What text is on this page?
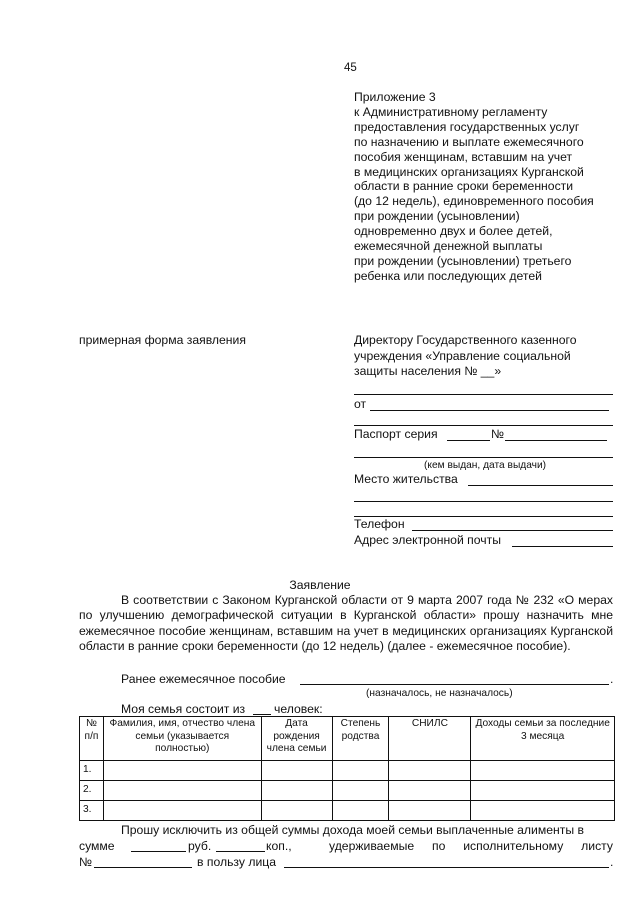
45
Приложение 3
к Административному регламенту
предоставления государственных услуг
по назначению и выплате ежемесячного
пособия женщинам, вставшим на учет
в медицинских организациях Курганской
области в ранние сроки беременности
(до 12 недель), единовременного пособия
при рождении (усыновлении)
одновременно двух и более детей,
ежемесячной денежной выплаты
при рождении (усыновлении) третьего
ребенка или последующих детей
примерная форма заявления	Директору Государственного казенного
учреждения «Управление социальной
защиты населения № __»
от
Паспорт серия	№
(кем выдан, дата выдачи)
Место жительства
Телефон
Адрес электронной почты
Заявление
В соответствии с Законом Курганской области от 9 марта 2007 года № 232 «О мерах по улучшению демографической ситуации в Курганской области» прошу назначить мне ежемесячное пособие женщинам, вставшим на учет в медицинских организациях Курганской области в ранние сроки беременности (до 12 недель) (далее - ежемесячное пособие).
Ранее ежемесячное пособие	.
(назначалось, не назначалось)
Моя семья состоит из человек:
№ п/п	Фамилия, имя, отчество члена семьи (указывается полностью)	Дата рождения члена семьи	Степень родства	СНИЛС	Доходы семьи за последние 3 месяца
1.					
2.					
3.					
Прошу исключить из общей суммы дохода моей семьи выплаченные алименты в
сумме	руб.	коп.,	удерживаемые по исполнительному листу
№	в пользу лица	.
